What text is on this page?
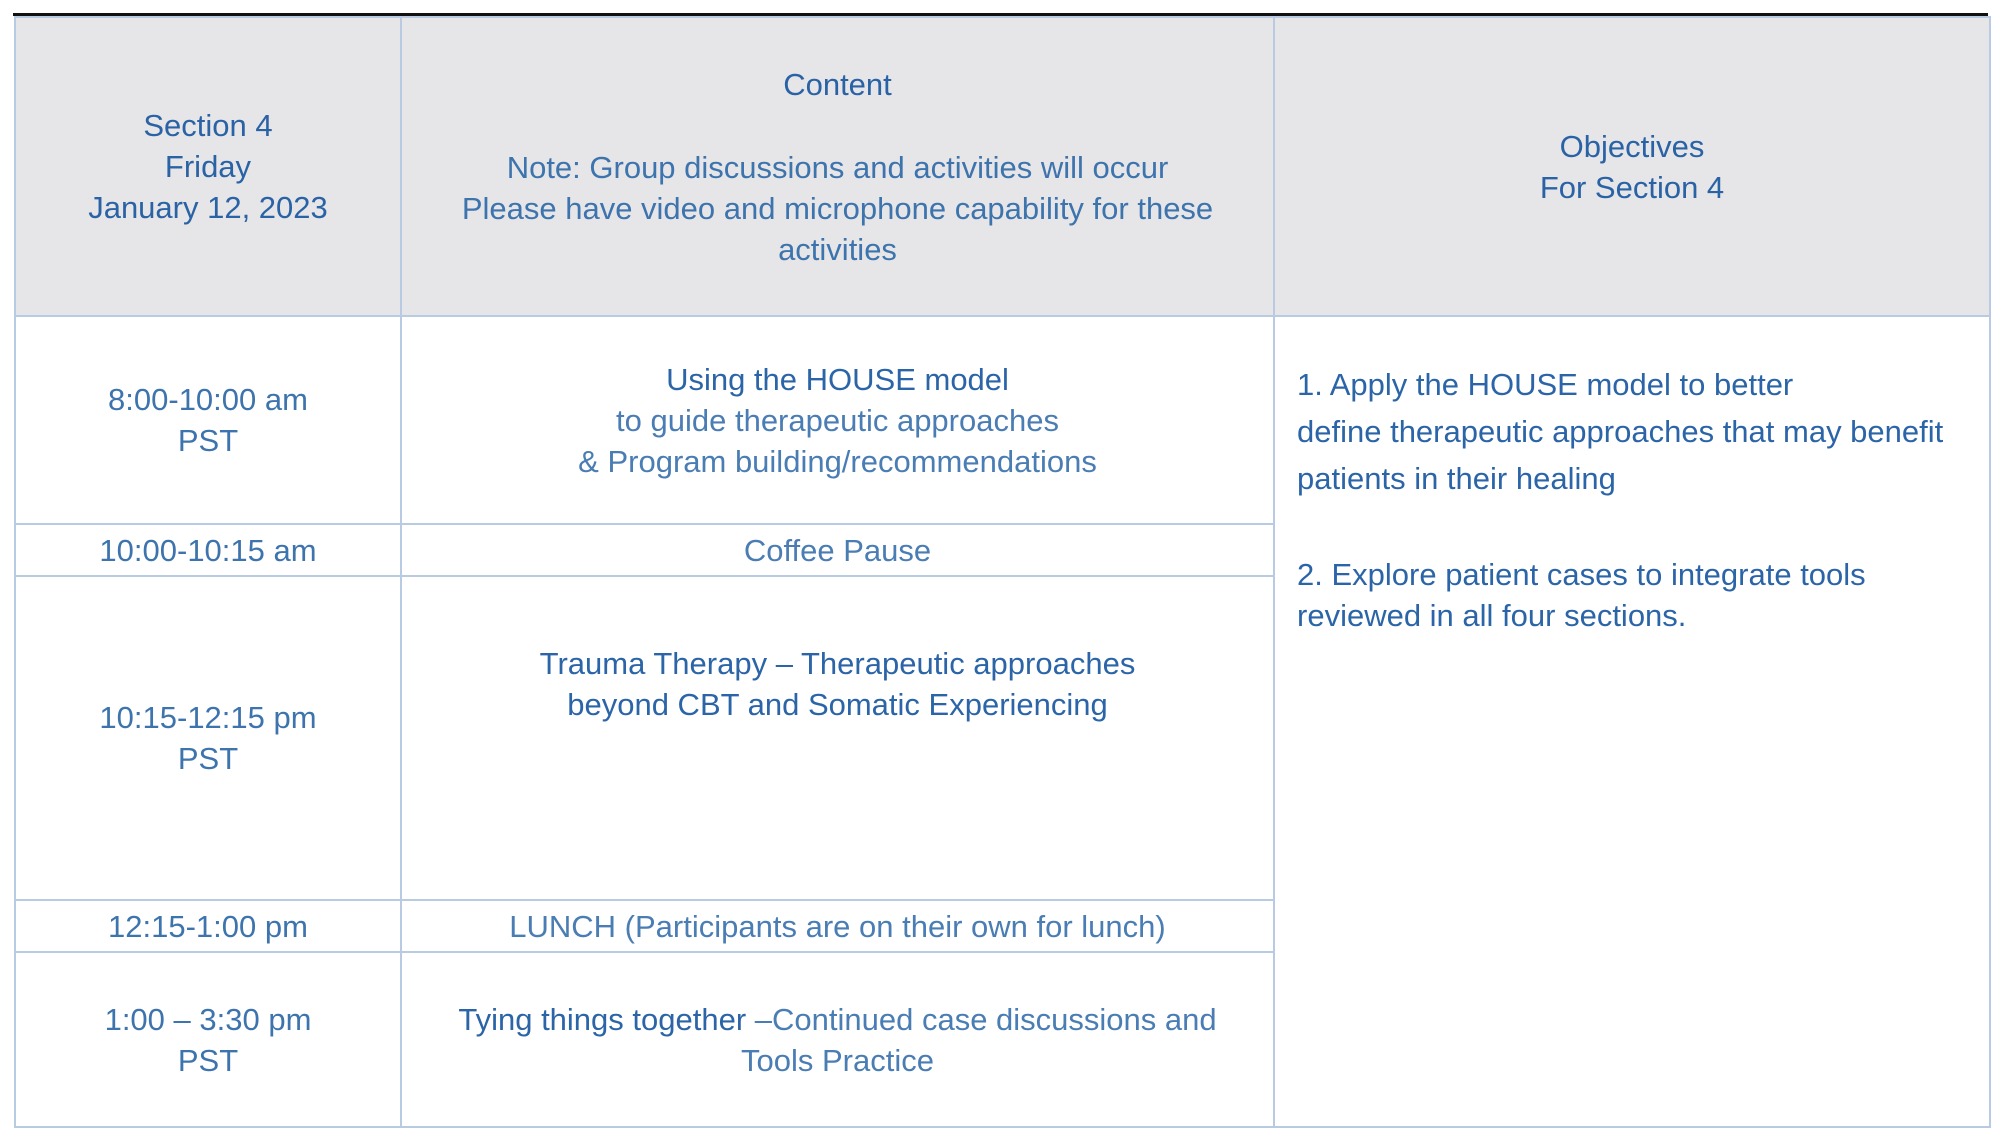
Section 4
Friday
January 12, 2023	Content
Note: Group discussions and activities will occur
Please have video and microphone capability for these
activities	Objectives
For Section 4

8:00-10:00 am
PST	Using the HOUSE model
to guide therapeutic approaches
& Program building/recommendations	1. Apply the HOUSE model to better
define therapeutic approaches that may benefit
patients in their healing
2. Explore patient cases to integrate tools
reviewed in all four sections.

10:00-10:15 am	Coffee Pause	

10:15-12:15 pm
PST	Trauma Therapy – Therapeutic approaches
beyond CBT and Somatic Experiencing	

12:15-1:00 pm	LUNCH (Participants are on their own for lunch)	

1:00 – 3:30 pm
PST	Tying things together –Continued case discussions and
Tools Practice	
